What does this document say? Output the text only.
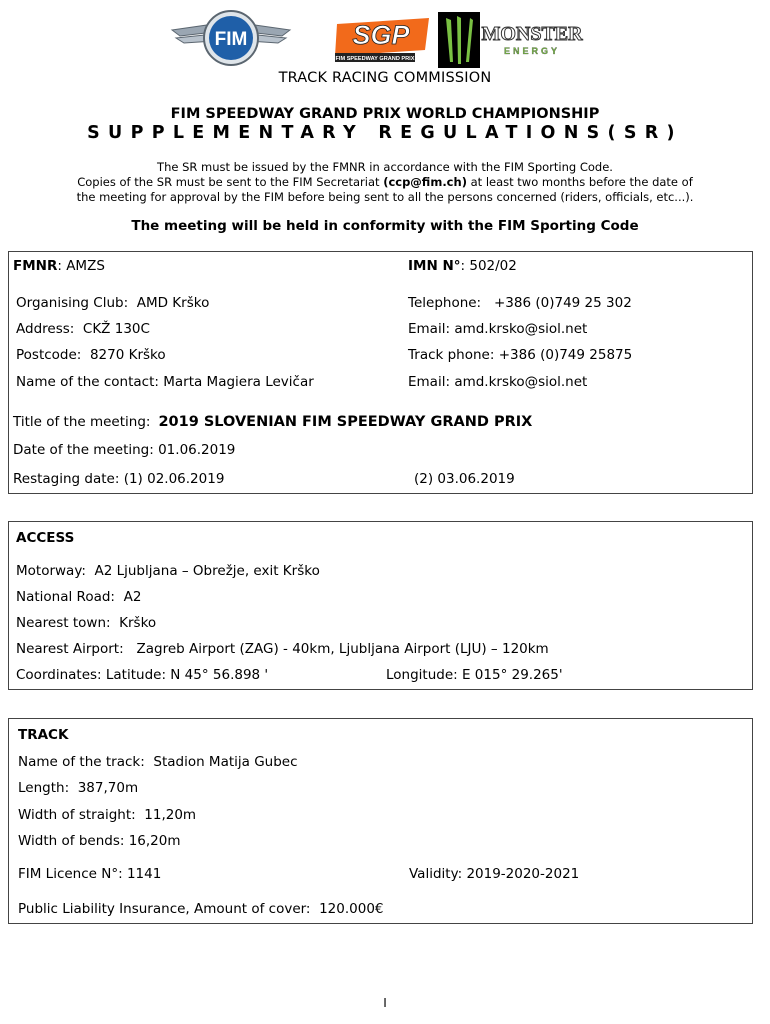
FIM	SGP
FIM SPEEDWAY GRAND PRIX
MONSTER
ENERGY
TRACK RACING COMMISSION
FIM SPEEDWAY GRAND PRIX WORLD CHAMPIONSHIP
SUPPLEMENTARY REGULATIONS(SR)
The SR must be issued by the FMNR in accordance with the FIM Sporting Code.
Copies of the SR must be sent to the FIM Secretariat (ccp@fim.ch) at least two months before the date of
the meeting for approval by the FIM before being sent to all the persons concerned (riders, officials, etc...).
The meeting will be held in conformity with the FIM Sporting Code
FMNR: AMZS	IMN N°: 502/02
Organising Club: AMD Krško	Telephone: +386 (0)749 25 302
Address: CKŽ 130C	Email: amd.krsko@siol.net
Postcode: 8270 Krško	Track phone: +386 (0)749 25875
Name of the contact: Marta Magiera Levičar	Email: amd.krsko@siol.net
Title of the meeting: 2019 SLOVENIAN FIM SPEEDWAY GRAND PRIX
Date of the meeting: 01.06.2019
Restaging date: (1) 02.06.2019	(2) 03.06.2019
ACCESS
Motorway: A2 Ljubljana – Obrežje, exit Krško
National Road: A2
Nearest town: Krško
Nearest Airport: Zagreb Airport (ZAG) - 40km, Ljubljana Airport (LJU) – 120km
Coordinates: Latitude: N 45° 56.898 '	Longitude: E 015° 29.265'
TRACK
Name of the track: Stadion Matija Gubec
Length: 387,70m
Width of straight: 11,20m
Width of bends: 16,20m
FIM Licence N°: 1141	Validity: 2019-2020-2021
Public Liability Insurance, Amount of cover: 120.000€
I
